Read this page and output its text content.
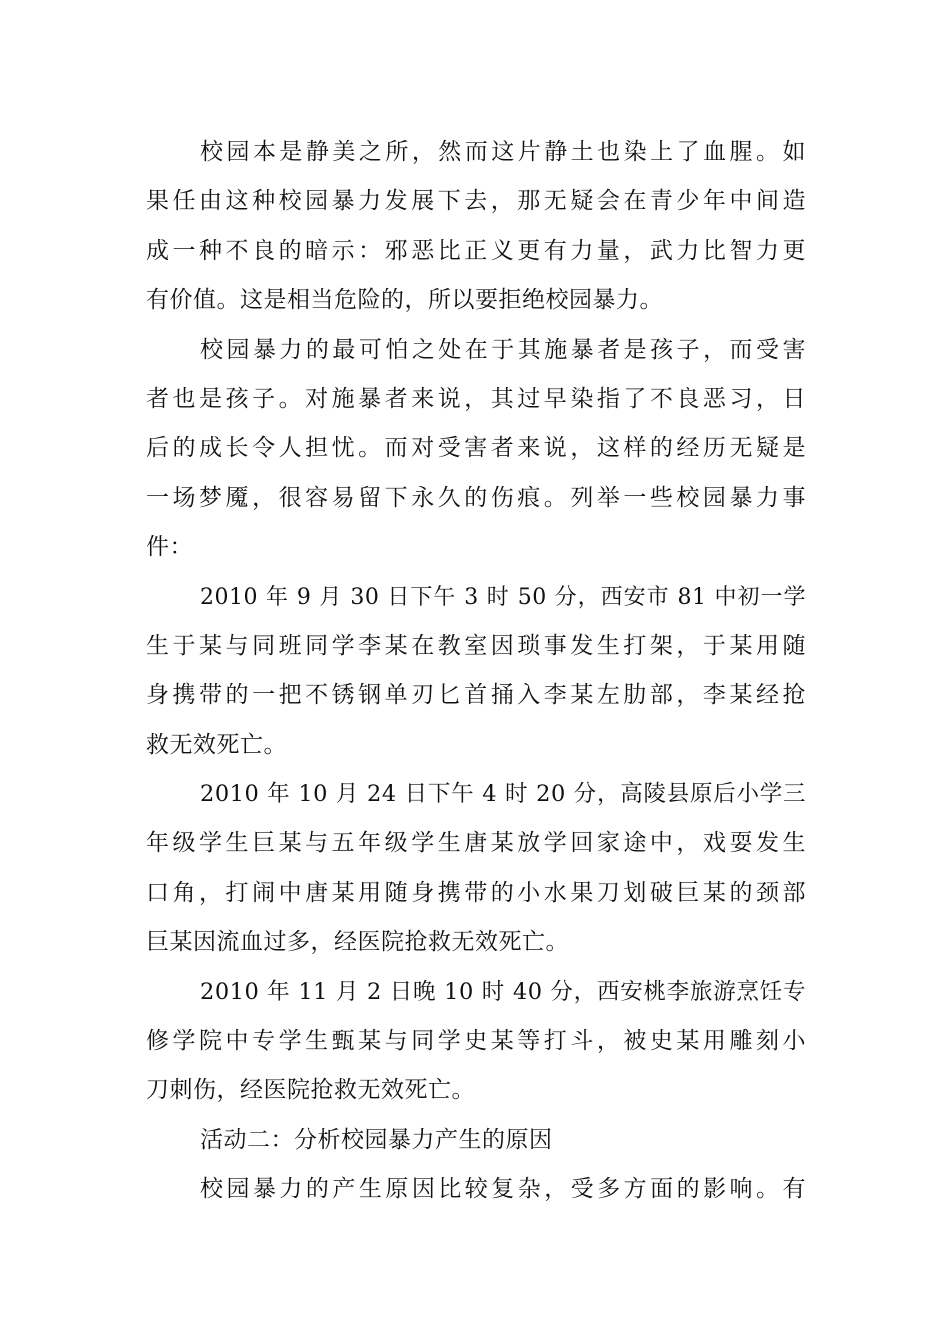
校园本是静美之所，然而这片静土也染上了血腥。如
果任由这种校园暴力发展下去，那无疑会在青少年中间造
成一种不良的暗示：邪恶比正义更有力量，武力比智力更
有价值。这是相当危险的，所以要拒绝校园暴力。
校园暴力的最可怕之处在于其施暴者是孩子，而受害
者也是孩子。对施暴者来说，其过早染指了不良恶习，日
后的成长令人担忧。而对受害者来说，这样的经历无疑是
一场梦魇，很容易留下永久的伤痕。列举一些校园暴力事
件：
2010 年 9 月 30 日下午 3 时 50 分，西安市 81 中初一学
生于某与同班同学李某在教室因琐事发生打架，于某用随
身携带的一把不锈钢单刃匕首捅入李某左肋部，李某经抢
救无效死亡。
2010 年 10 月 24 日下午 4 时 20 分，高陵县原后小学三
年级学生巨某与五年级学生唐某放学回家途中，戏耍发生
口角，打闹中唐某用随身携带的小水果刀划破巨某的颈部
巨某因流血过多，经医院抢救无效死亡。
2010 年 11 月 2 日晚 10 时 40 分，西安桃李旅游烹饪专
修学院中专学生甄某与同学史某等打斗，被史某用雕刻小
刀刺伤，经医院抢救无效死亡。
活动二：分析校园暴力产生的原因
校园暴力的产生原因比较复杂，受多方面的影响。有
